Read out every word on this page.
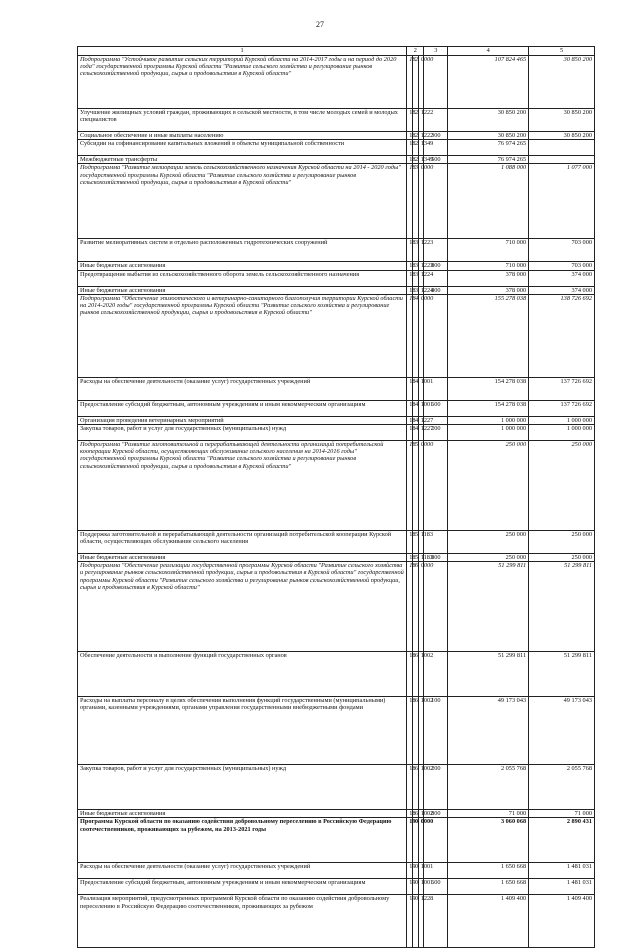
27
1	2			3	4	5
Подпрограмма "Устойчивое развитие сельских территорий Курской области на 2014-2017 годы и на период до 2020 года" государственной программы Курской области "Развитие сельского хозяйства и регулирование рынков сельскохозяйственной продукции, сырья и продовольствия в Курской области"	18	2	0000		107 824 465	30 850 200
Улучшение жилищных условий граждан, проживающих в сельской местности, в том числе молодых семей и молодых специалистов	18	2	1222		30 850 200	30 850 200
Социальное обеспечение и иные выплаты населению	18	2	1222	300	30 850 200	30 850 200
Субсидии на софинансирование капитальных вложений в объекты муниципальной собственности	18	2	1349		76 974 265	
Межбюджетные трансферты	18	2	1349	500	76 974 265	
Подпрограмма "Развитие мелиорации земель сельскохозяйственного назначения Курской области на 2014 - 2020 годы" государственной программы Курской области "Развитие сельского хозяйства и регулирование рынков сельскохозяйственной продукции, сырья и продовольствия в Курской области"	18	3	0000		1 088 000	1 077 000
Развитие мелиоративных систем и отдельно расположенных гидротехнических сооружений	18	3	1223		710 000	703 000
Иные бюджетные ассигнования	18	3	1223	800	710 000	703 000
Предотвращение выбытия из сельскохозяйственного оборота земель сельскохозяйственного назначения	18	3	1224		378 000	374 000
Иные бюджетные ассигнования	18	3	1224	800	378 000	374 000
Подпрограмма "Обеспечение эпизоотического и ветеринарно-санитарного благополучия территории Курской области на 2014-2020 годы" государственной программы Курской области "Развитие сельского хозяйства и регулирование рынков сельскохозяйственной продукции, сырья и продовольствия в Курской области"	18	4	0000		155 278 038	138 726 692
Расходы на обеспечение деятельности (оказание услуг) государственных учреждений	18	4	1001		154 278 038	137 726 692
Предоставление субсидий бюджетным, автономным учреждениям и иным некоммерческим организациям	18	4	1001	600	154 278 038	137 726 692
Организация проведения ветеринарных мероприятий	18	4	1227		1 000 000	1 000 000
Закупка товаров, работ и услуг для государственных (муниципальных) нужд	18	4	1227	200	1 000 000	1 000 000
Подпрограмма "Развитие заготовительной и перерабатывающей деятельности организаций потребительской кооперации Курской области, осуществляющих обслуживание сельского населения на 2014-2016 годы" государственной программы Курской области "Развитие сельского хозяйства и регулирование рынков сельскохозяйственной продукции, сырья и продовольствия в Курской области"	18	5	0000		250 000	250 000
Поддержка заготовительной и перерабатывающей деятельности организаций потребительской кооперации Курской области, осуществляющих обслуживание сельского населения	18	5	1183		250 000	250 000
Иные бюджетные ассигнования	18	5	1183	800	250 000	250 000
Подпрограмма "Обеспечение реализации государственной программы Курской области "Развитие сельского хозяйства и регулирование рынков сельскохозяйственной продукции, сырья и продовольствия в Курской области" государственной программы Курской области "Развитие сельского хозяйства и регулирование рынков сельскохозяйственной продукции, сырья и продовольствия в Курской области"	18	6	0000		51 299 811	51 299 811
Обеспечение деятельности и выполнение функций государственных органов	18	6	1002		51 299 811	51 299 811
Расходы на выплаты персоналу в целях обеспечения выполнения функций государственными (муниципальными) органами, казенными учреждениями, органами управления государственными внебюджетными фондами	18	6	1002	100	49 173 043	49 173 043
Закупка товаров, работ и услуг для государственных (муниципальных) нужд	18	6	1002	200	2 055 768	2 055 768
Иные бюджетные ассигнования	18	6	1002	800	71 000	71 000
Программа Курской области по оказанию содействия добровольному переселению в Российскую Федерацию соотечественников, проживающих за рубежом, на 2013-2021 годы	19	0	0000		3 060 068	2 890 431
Расходы на обеспечение деятельности (оказание услуг) государственных учреждений	19	0	1001		1 650 668	1 481 031
Предоставление субсидий бюджетным, автономным учреждениям и иным некоммерческим организациям	19	0	1001	600	1 650 668	1 481 031
Реализация мероприятий, предусмотренных программой Курской области по оказанию содействия добровольному переселению в Российскую Федерацию соотечественников, проживающих за рубежом	19	0	1228		1 409 400	1 409 400
